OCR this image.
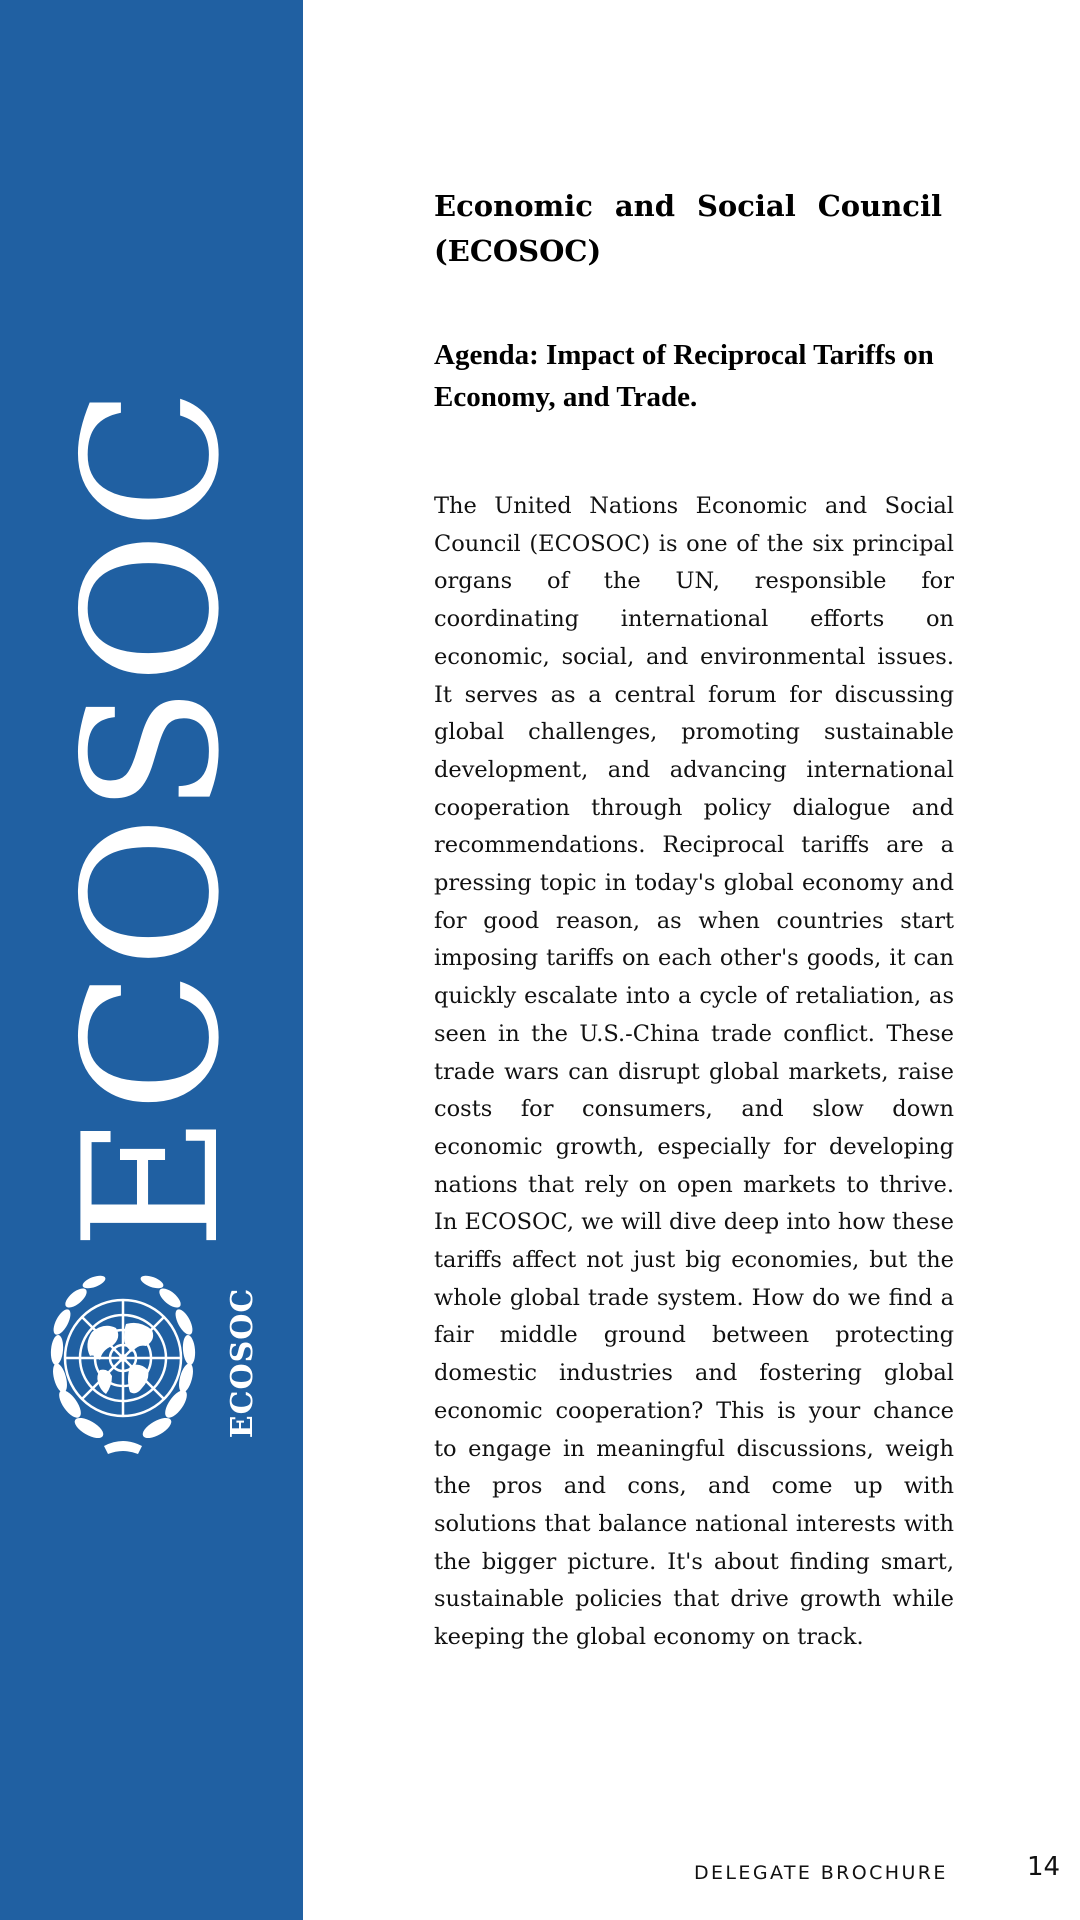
ECOSOC
ECOSOC
Economic and Social Council (ECOSOC)
Agenda: Impact of Reciprocal Tariffs on Economy, and Trade.

The United Nations Economic and Social Council (ECOSOC) is one of the six principal organs of the UN, responsible for coordinating international efforts on economic, social, and environmental issues. It serves as a central forum for discussing global challenges, promoting sustainable development, and advancing international cooperation through policy dialogue and recommendations. Reciprocal tariffs are a pressing topic in today's global economy and for good reason, as when countries start imposing tariffs on each other's goods, it can quickly escalate into a cycle of retaliation, as seen in the U.S.-China trade conflict. These trade wars can disrupt global markets, raise costs for consumers, and slow down economic growth, especially for developing nations that rely on open markets to thrive. In ECOSOC, we will dive deep into how these tariffs affect not just big economies, but the whole global trade system. How do we find a fair middle ground between protecting domestic industries and fostering global economic cooperation? This is your chance to engage in meaningful discussions, weigh the pros and cons, and come up with solutions that balance national interests with the bigger picture. It's about finding smart, sustainable policies that drive growth while keeping the global economy on track.

DELEGATE BROCHURE	14
